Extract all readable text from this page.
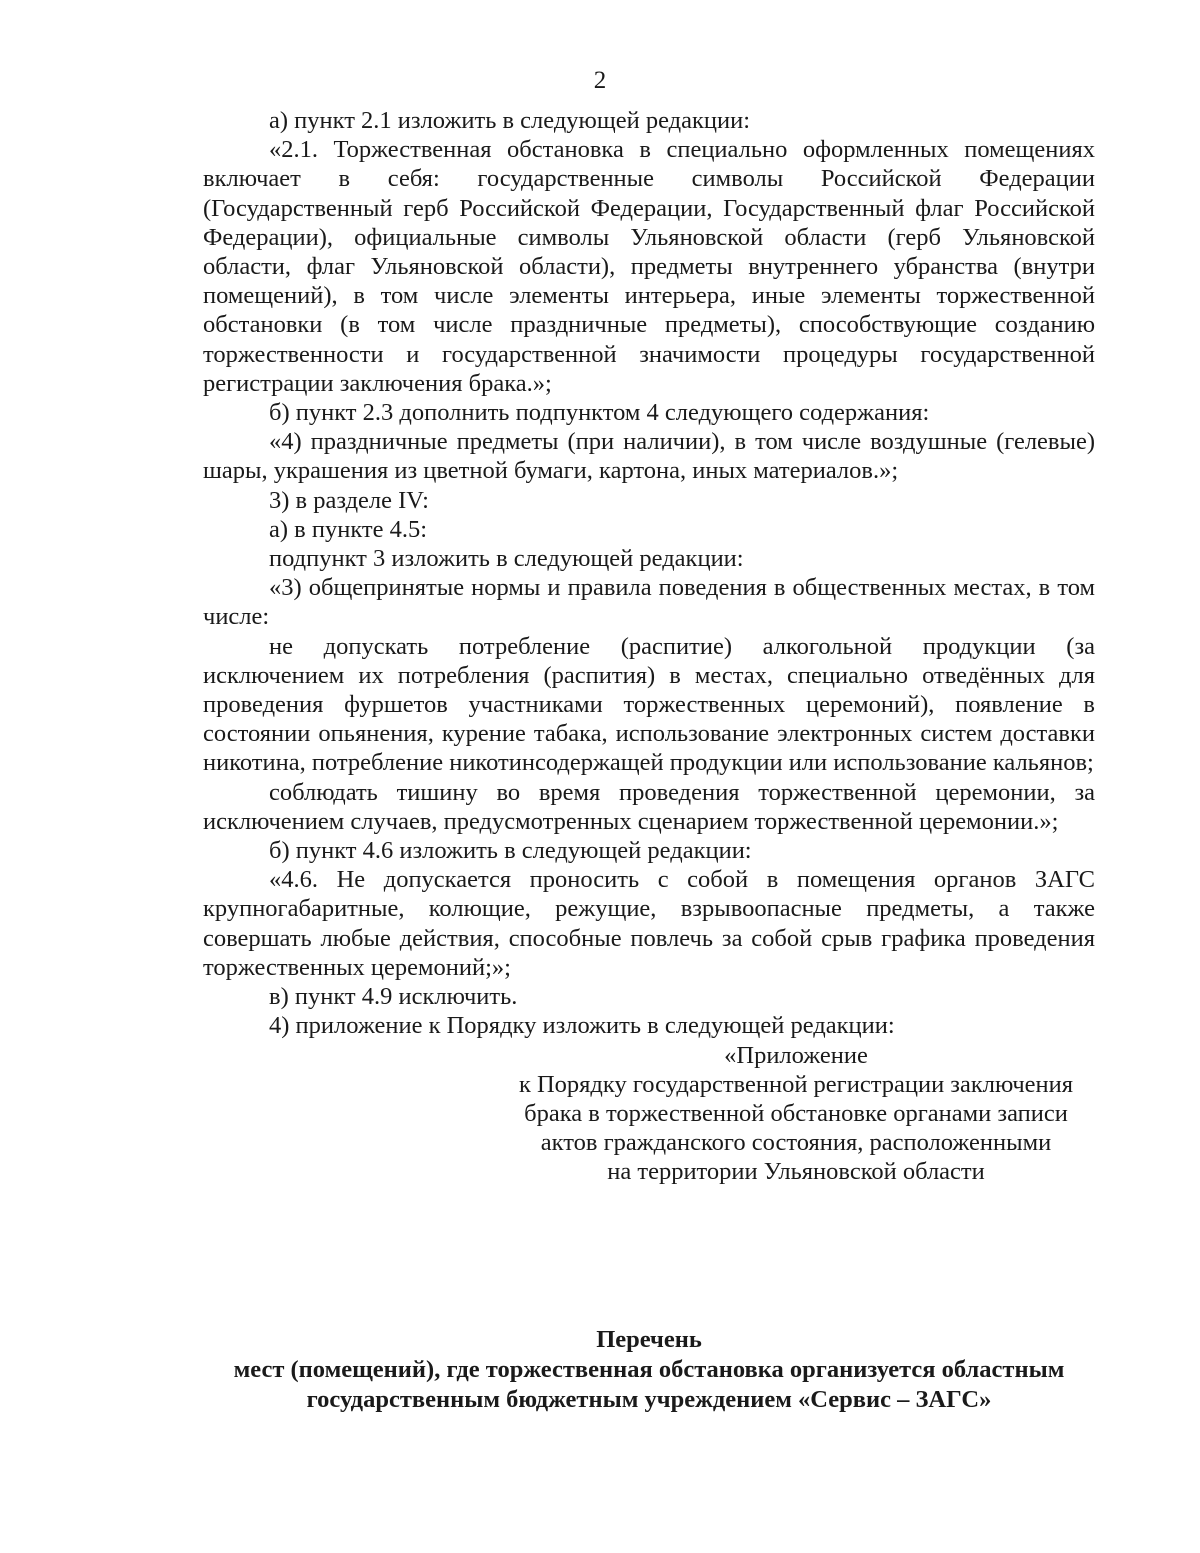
2

а) пункт 2.1 изложить в следующей редакции:

«2.1. Торжественная обстановка в специально оформленных помещениях включает в себя: государственные символы Российской Федерации (Государственный герб Российской Федерации, Государственный флаг Российской Федерации), официальные символы Ульяновской области (герб Ульяновской области, флаг Ульяновской области), предметы внутреннего убранства (внутри помещений), в том числе элементы интерьера, иные элементы торжественной обстановки (в том числе праздничные предметы), способствующие созданию торжественности и государственной значимости процедуры государственной регистрации заключения брака.»;

б) пункт 2.3 дополнить подпунктом 4 следующего содержания:

«4) праздничные предметы (при наличии), в том числе воздушные (гелевые) шары, украшения из цветной бумаги, картона, иных материалов.»;

3) в разделе IV:

а) в пункте 4.5:

подпункт 3 изложить в следующей редакции:

«3) общепринятые нормы и правила поведения в общественных местах, в том числе:

не допускать потребление (распитие) алкогольной продукции (за исключением их потребления (распития) в местах, специально отведённых для проведения фуршетов участниками торжественных церемоний), появление в состоянии опьянения, курение табака, использование электронных систем доставки никотина, потребление никотинсодержащей продукции или использование кальянов;

соблюдать тишину во время проведения торжественной церемонии, за исключением случаев, предусмотренных сценарием торжественной церемонии.»;

б) пункт 4.6 изложить в следующей редакции:

«4.6. Не допускается проносить с собой в помещения органов ЗАГС крупногабаритные, колющие, режущие, взрывоопасные предметы, а также совершать любые действия, способные повлечь за собой срыв графика проведения торжественных церемоний;»;

в) пункт 4.9 исключить.

4) приложение к Порядку изложить в следующей редакции:

«Приложение
к Порядку государственной регистрации заключения
брака в торжественной обстановке органами записи
актов гражданского состояния, расположенными
на территории Ульяновской области
Перечень
мест (помещений), где торжественная обстановка организуется областным
государственным бюджетным учреждением «Сервис – ЗАГС»
